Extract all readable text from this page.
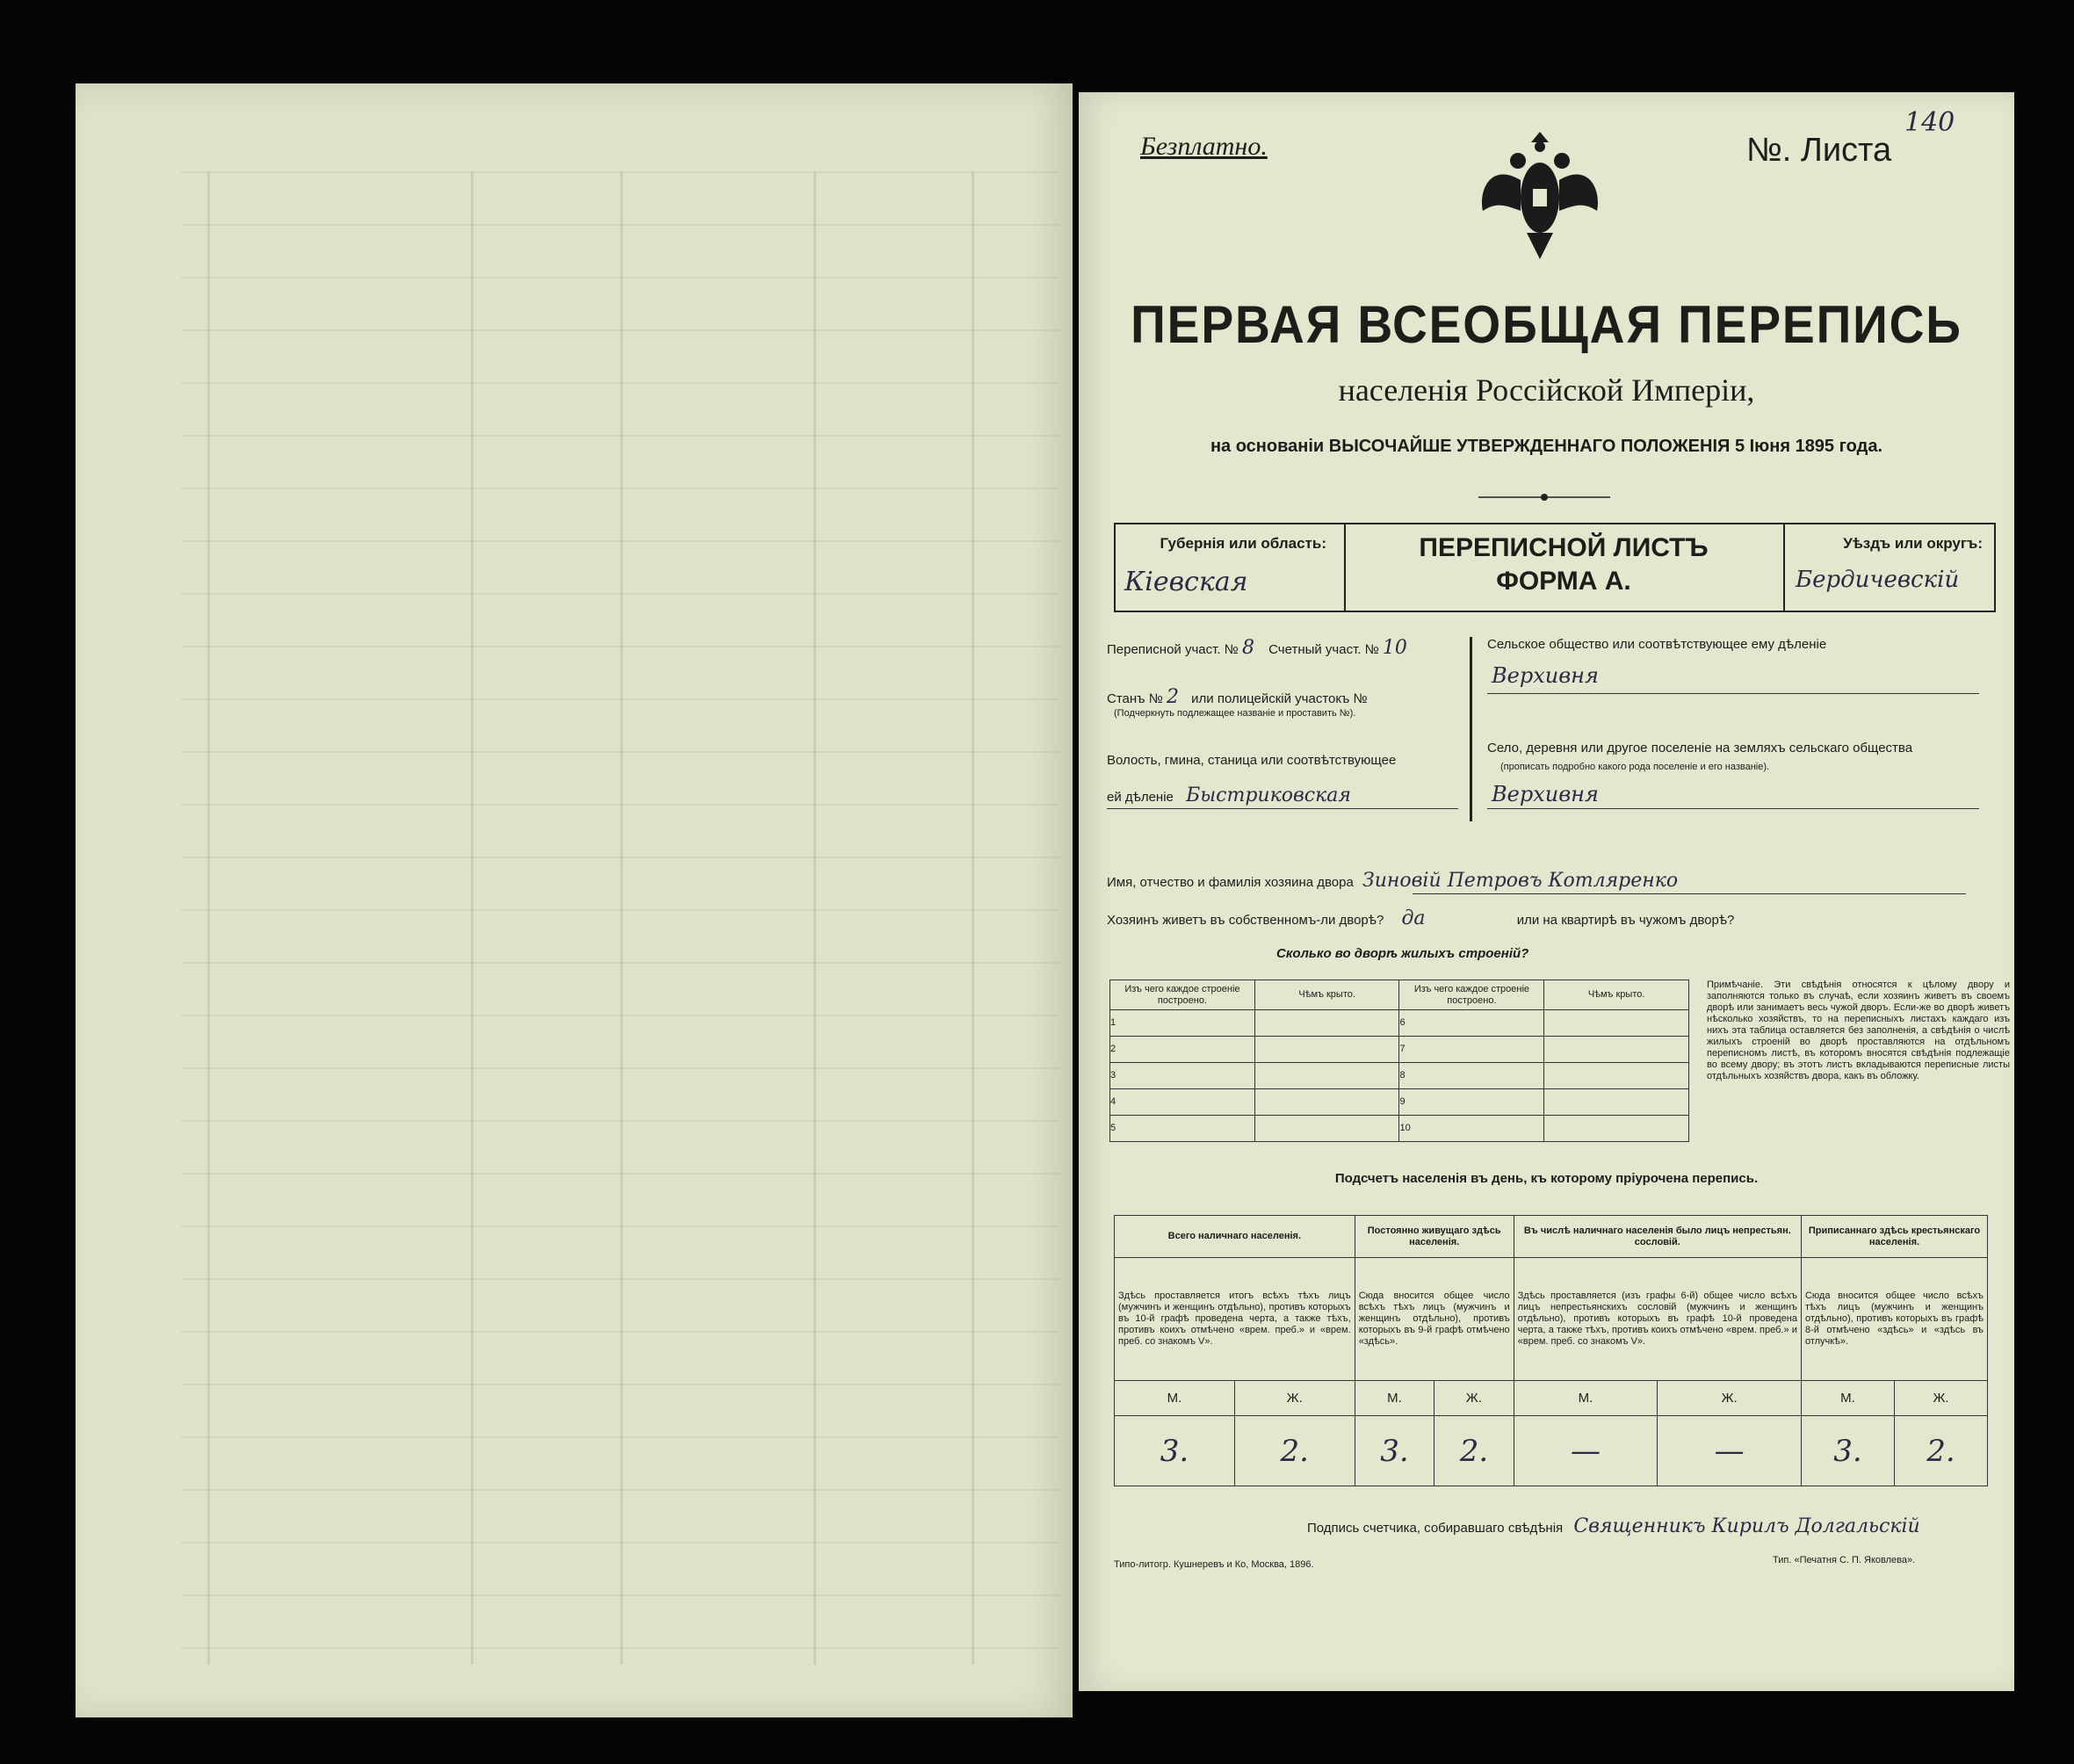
Безплатно.	№. Листа
140
ПЕРВАЯ ВСЕОБЩАЯ ПЕРЕПИСЬ
населенія Россійской Имперіи,
на основаніи ВЫСОЧАЙШЕ УТВЕРЖДЕННАГО ПОЛОЖЕНІЯ 5 Іюня 1895 года.
Губернія или область:
Кіевская
ПЕРЕПИСНОЙ ЛИСТЪ
ФОРМА А.
Уѣздъ или округъ:
Бердичевскій
Переписной участ. № 8 Счетный участ. № 10
Станъ № 2 или полицейскій участокъ №
(Подчеркнуть подлежащее названіе и проставить №).
Волость, гмина, станица или соотвѣтствующее
ей дѣленіе Быстриковская
Сельское общество или соотвѣтствующее ему дѣленіе
Верхивня
Село, деревня или другое поселеніе на земляхъ сельскаго общества
(прописать подробно какого рода поселеніе и его названіе).
Верхивня
Имя, отчество и фамилія хозяина двора Зиновій Петровъ Котляренко
Хозяинъ живетъ въ собственномъ-ли дворѣ? да	или на квартирѣ въ чужомъ дворѣ?
Сколько во дворѣ жилыхъ строеній?
Изъ чего каждое строеніе построено.	Чѣмъ крыто.	Изъ чего каждое строеніе построено.	Чѣмъ крыто.
1		6	
2		7	
3		8	
4		9	
5		10	
Примѣчаніе. Эти свѣдѣнія относятся к цѣлому двору и заполняются только въ случаѣ, если хозяинъ живетъ въ своемъ дворѣ или занимаетъ весь чужой дворъ. Если-же во дворѣ живетъ нѣсколько хозяйствъ, то на переписныхъ листахъ каждаго изъ нихъ эта таблица оставляется без заполненія, а свѣдѣнія о числѣ жилыхъ строеній во дворѣ проставляются на отдѣльномъ переписномъ листѣ, въ которомъ вносятся свѣдѣнія подлежащіе во всему двору; въ этотъ листъ вкладываются переписные листы отдѣльныхъ хозяйствъ двора, какъ въ обложку.
Подсчетъ населенія въ день, къ которому пріурочена перепись.
Всего наличнаго населенія.		Постоянно живущаго здѣсь населенія.		Въ числѣ наличнаго населенія было лицъ непрестьян. сословій.		Приписаннаго здѣсь крестьянскаго населенія.	
Здѣсь проставляется итогъ всѣхъ тѣхъ лицъ (мужчинъ и женщинъ отдѣльно), противъ которыхъ въ 10-й графѣ проведена черта, а также тѣхъ, противъ коихъ отмѣчено «врем. преб.» и «врем. преб. со знакомъ V».		Сюда вносится общее число всѣхъ тѣхъ лицъ (мужчинъ и женщинъ отдѣльно), противъ которыхъ въ 9-й графѣ отмѣчено «здѣсь».		Здѣсь проставляется (изъ графы 6-й) общее число всѣхъ лицъ непрестьянскихъ сословій (мужчинъ и женщинъ отдѣльно), противъ которыхъ въ графѣ 10-й проведена черта, а также тѣхъ, противъ коихъ отмѣчено «врем. преб.» и «врем. преб. со знакомъ V».		Сюда вносится общее число всѣхъ тѣхъ лицъ (мужчинъ и женщинъ отдѣльно), противъ которыхъ въ графѣ 8-й отмѣчено «здѣсь» и «здѣсь въ отлучкѣ».	
М.	Ж.	М.	Ж.	М.	Ж.	М.	Ж.
3.	2.	3.	2.	—	—	3.	2.
Подпись счетчика, собиравшаго свѣдѣнія Священникъ Кирилъ Долгальскій
Типо-литогр. Кушнеревъ и Ко, Москва, 1896.	Тип. «Печатня С. П. Яковлева».
